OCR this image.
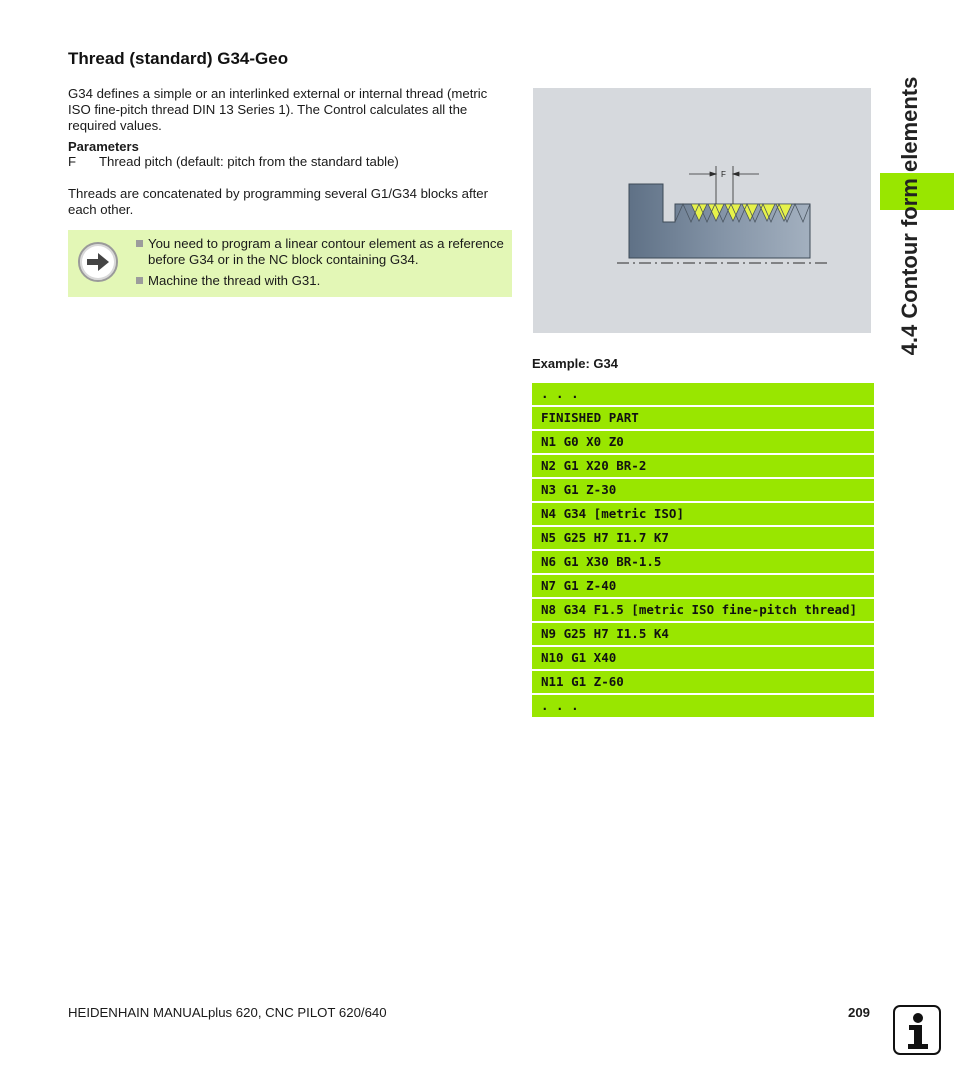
Thread (standard) G34-Geo
G34 defines a simple or an interlinked external or internal thread (metric ISO fine-pitch thread DIN 13 Series 1). The Control calculates all the required values.
Parameters
F Thread pitch (default: pitch from the standard table)
Threads are concatenated by programming several G1/G34 blocks after each other.
You need to program a linear contour element as a reference before G34 or in the NC block containing G34.
Machine the thread with G31.
F
Example: G34
. . .
FINISHED PART
N1 G0 X0 Z0
N2 G1 X20 BR-2
N3 G1 Z-30
N4 G34 [metric ISO]
N5 G25 H7 I1.7 K7
N6 G1 X30 BR-1.5
N7 G1 Z-40
N8 G34 F1.5 [metric ISO fine-pitch thread]
N9 G25 H7 I1.5 K4
N10 G1 X40
N11 G1 Z-60
. . .
4.4 Contour form elements
HEIDENHAIN MANUALplus 620, CNC PILOT 620/640	209
